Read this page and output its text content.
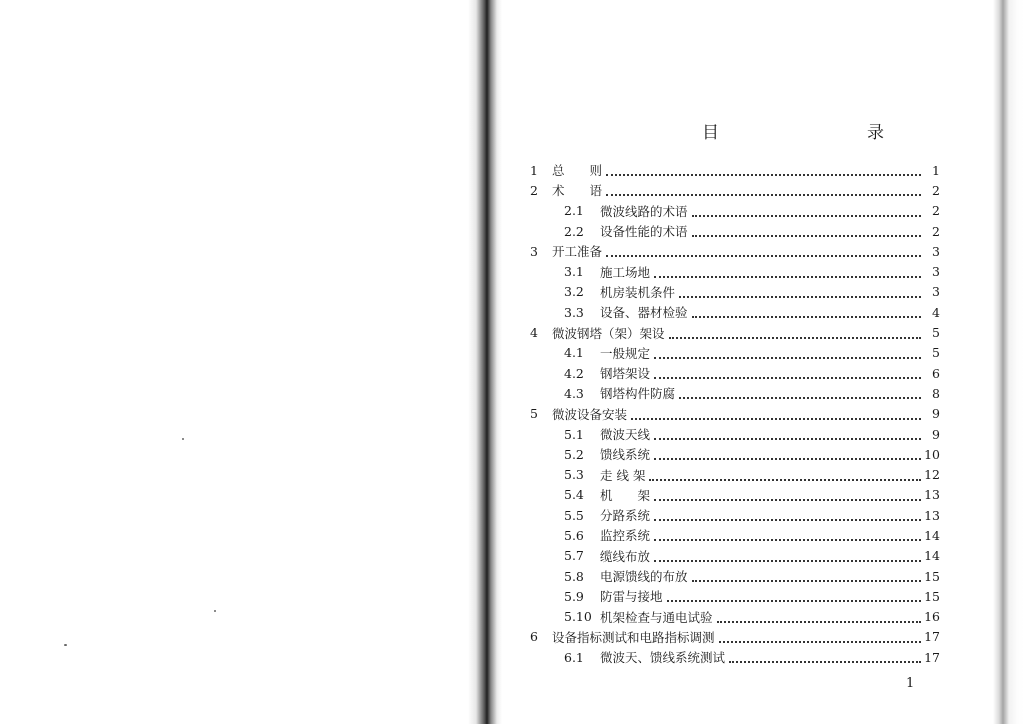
目　　录
1	总　　则	1
2	术　　语	2
2.1	微波线路的术语	2
2.2	设备性能的术语	2
3	开工准备	3
3.1	施工场地	3
3.2	机房装机条件	3
3.3	设备、器材检验	4
4	微波钢塔（架）架设	5
4.1	一般规定	5
4.2	钢塔架设	6
4.3	钢塔构件防腐	8
5	微波设备安装	9
5.1	微波天线	9
5.2	馈线系统	10
5.3	走 线 架	12
5.4	机　　架	13
5.5	分路系统	13
5.6	监控系统	14
5.7	缆线布放	14
5.8	电源馈线的布放	15
5.9	防雷与接地	15
5.10 机架检查与通电试验	16
6	设备指标测试和电路指标调测	17
6.1	微波天、馈线系统测试	17
1
